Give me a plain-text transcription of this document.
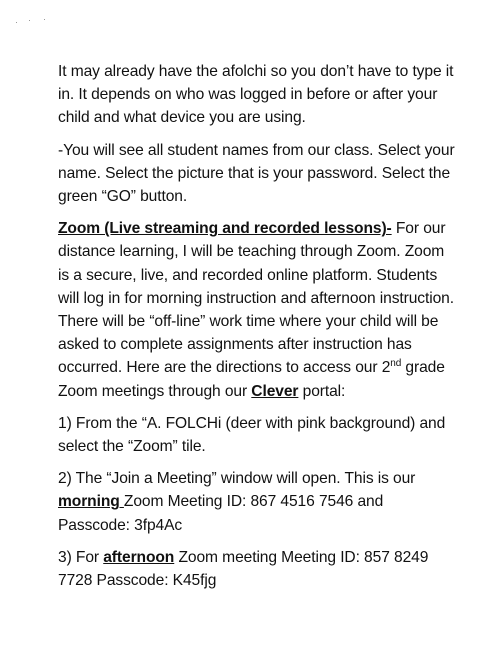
It may already have the afolchi so you don’t have to type it in. It depends on who was logged in before or after your child and what device you are using.

-You will see all student names from our class. Select your name. Select the picture that is your password. Select the green “GO” button.

Zoom (Live streaming and recorded lessons)- For our distance learning, I will be teaching through Zoom. Zoom is a secure, live, and recorded online platform. Students will log in for morning instruction and afternoon instruction. There will be “off-line” work time where your child will be asked to complete assignments after instruction has occurred. Here are the directions to access our 2nd grade Zoom meetings through our Clever portal:

1) From the “A. FOLCHi (deer with pink background) and select the “Zoom” tile.

2) The “Join a Meeting” window will open. This is our morning Zoom Meeting ID: 867 4516 7546 and Passcode: 3fp4Ac

3) For afternoon Zoom meeting Meeting ID: 857 8249 7728 Passcode: K45fjg
